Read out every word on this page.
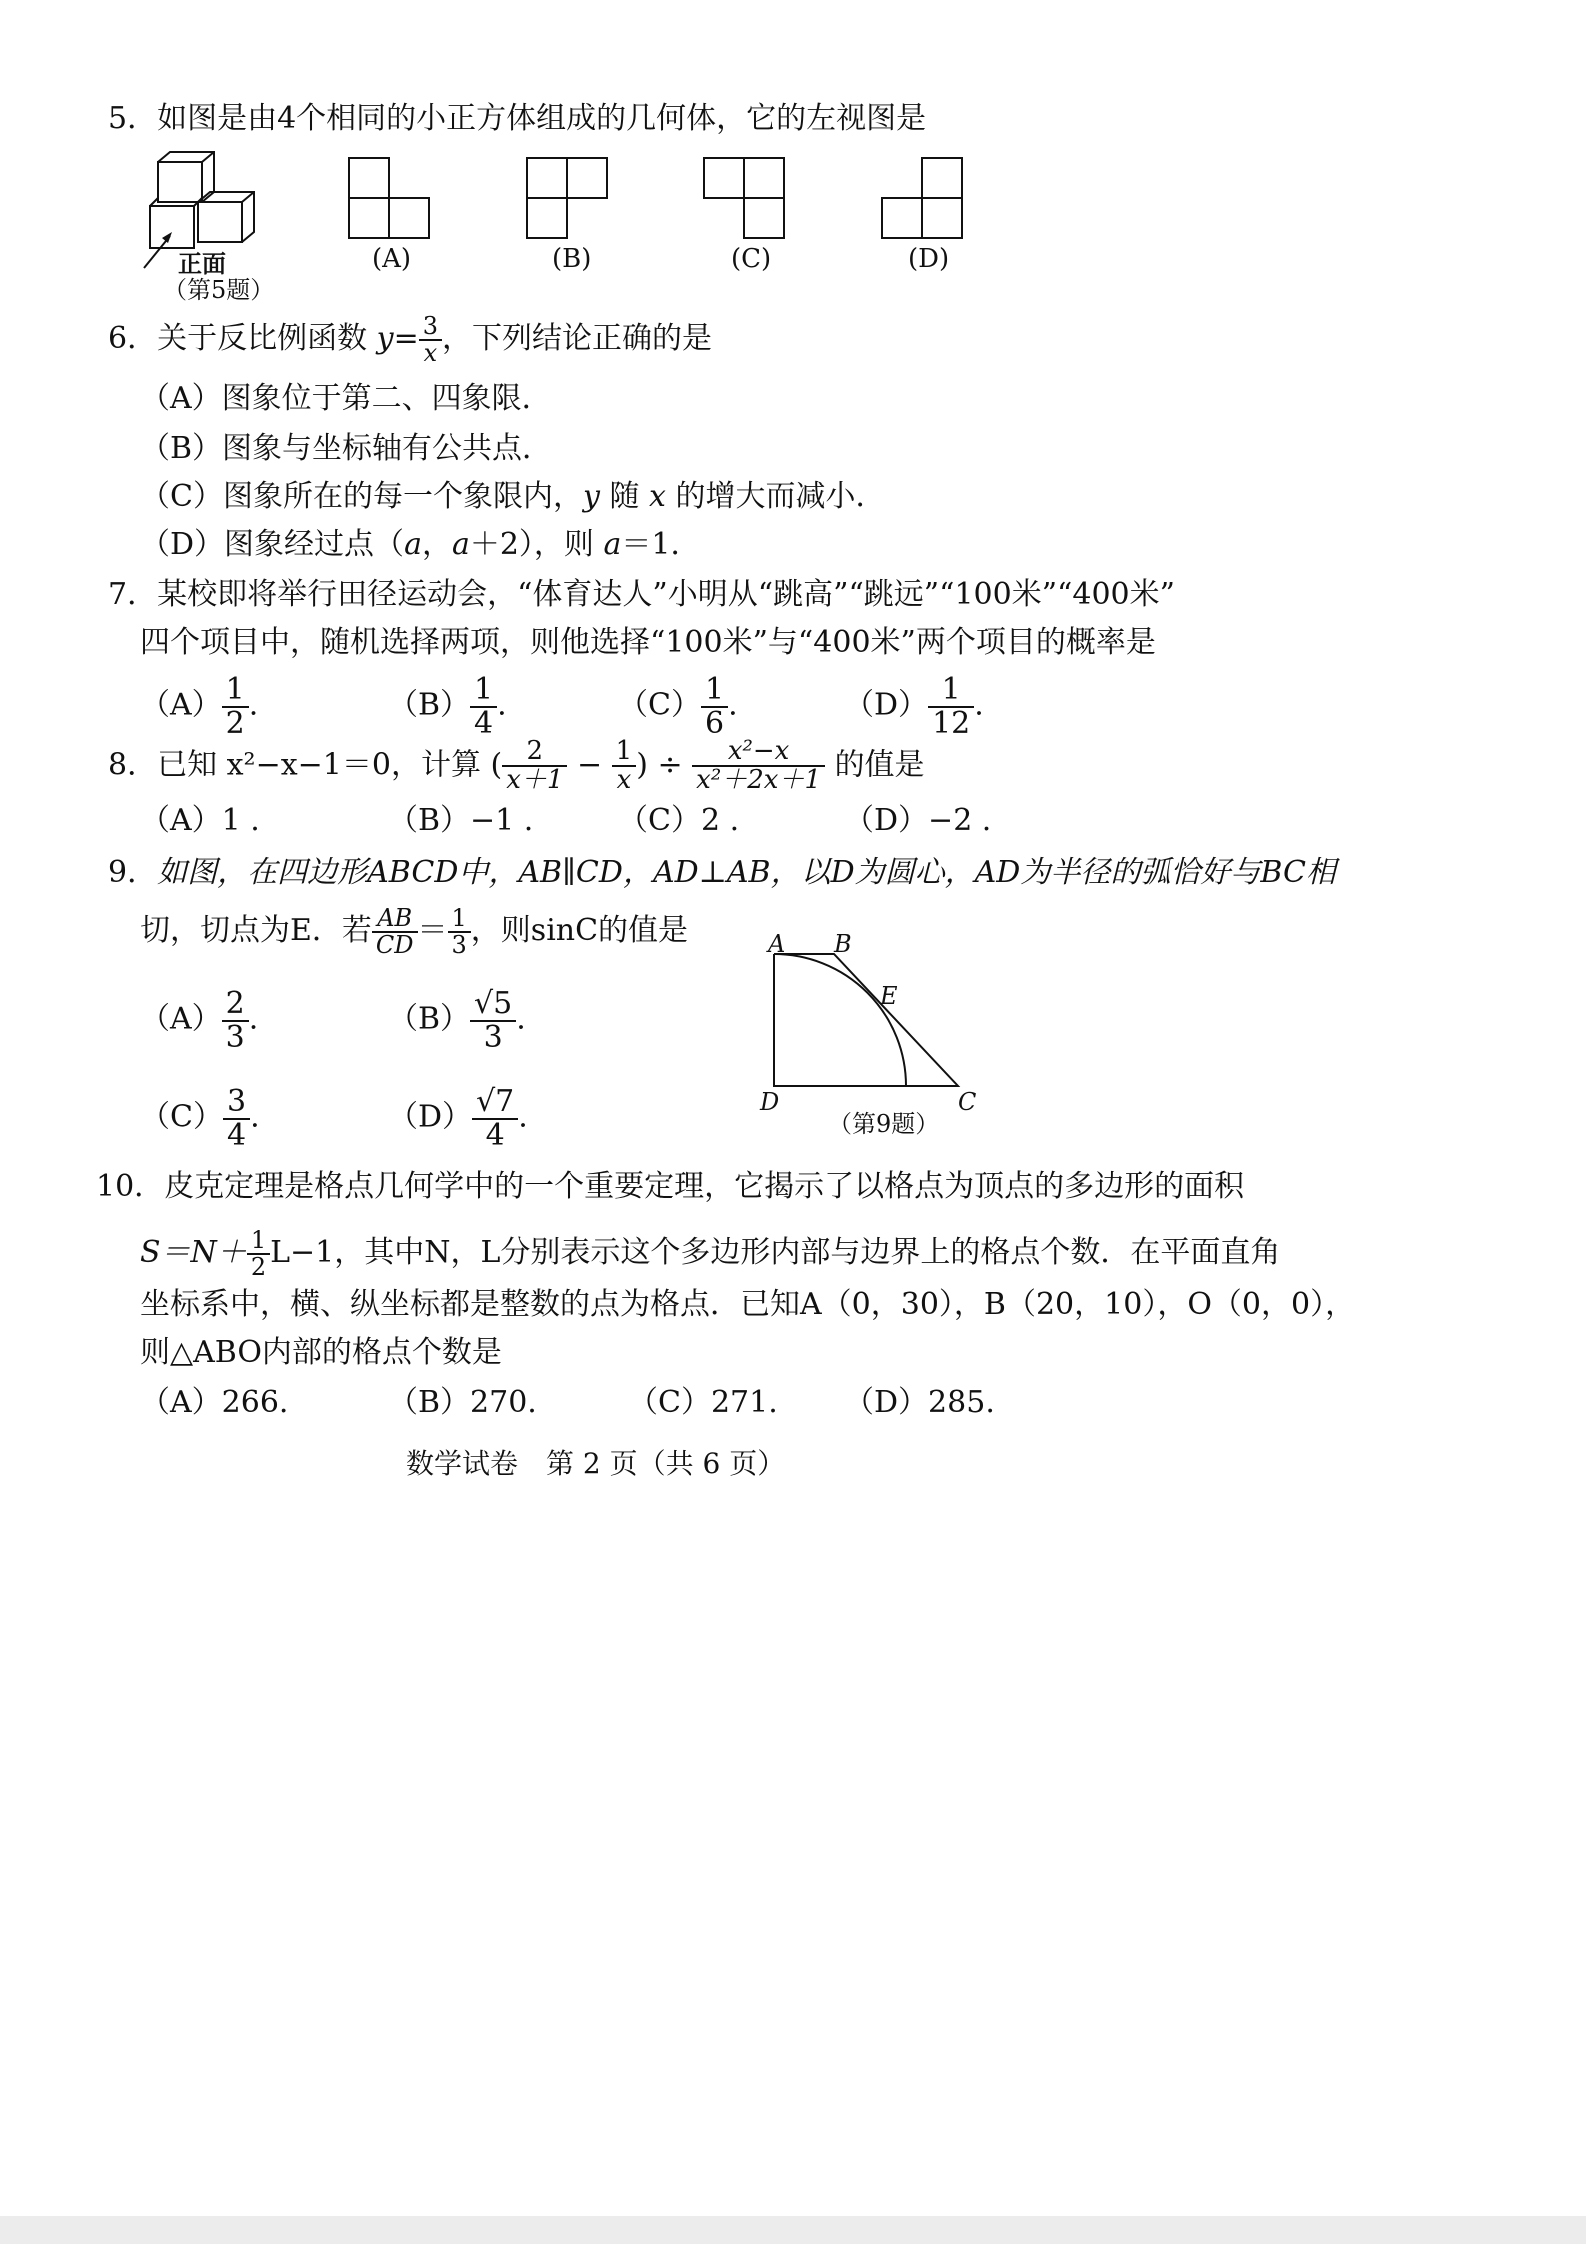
5．如图是由4个相同的小正方体组成的几何体，它的左视图是
正面
（第5题）
(A)	(B)	(C)	(D)
6．关于反比例函数 $y= \frac{3}{x}$ ，下列结论正确的是
（A）图象位于第二、四象限．
（B）图象与坐标轴有公共点．
（C）图象所在的每一个象限内，y 随 x 的增大而减小．
（D）图象经过点（a，a＋2），则 a＝1．
7．某校即将举行田径运动会，“体育达人”小明从“跳高”“跳远”“100米”“400米”
四个项目中，随机选择两项，则他选择“100米”与“400米”两个项目的概率是
$(A) \frac{1}{2}$ .	$(B) \frac{1}{4}$ .	$(C) \frac{1}{6}$ .	$(D) \frac{1}{12}$ .
8．已知 x²−x−1＝0，计算 ( $\frac{2}{x+1} - \frac{1}{x}$ ) ÷ $\frac{\text{x²−x}}{\text{x²＋2x＋1}}$ 的值是
（A）1 .	（B）−1 .	（C）2 .	（D）−2 .
9．如图，在四边形ABCD中，AB∥CD，AD⊥AB，以D为圆心，AD为半径的弧恰好与BC相
切，切点为E．若 $\frac{AB}{CD} = \frac{1}{3}$ ，则sinC的值是
$(A) \frac{2}{3}$ .	$(B) \frac{√5}{3}$ .
$(C) \frac{3}{4}$ .	$(D) \frac{√7}{4}$ .
A B
E
D	C
（第9题）
10．皮克定理是格点几何学中的一个重要定理，它揭示了以格点为顶点的多边形的面积
$S=N+ \frac{1}{2} L-1$，其中N，L分别表示这个多边形内部与边界上的格点个数．在平面直角
坐标系中，横、纵坐标都是整数的点为格点．已知A（0，30），B（20，10），O（0，0），
则△ABO内部的格点个数是
（A）266.	（B）270.	（C）271. （D）285.
数学试卷　第 2 页（共 6 页）
